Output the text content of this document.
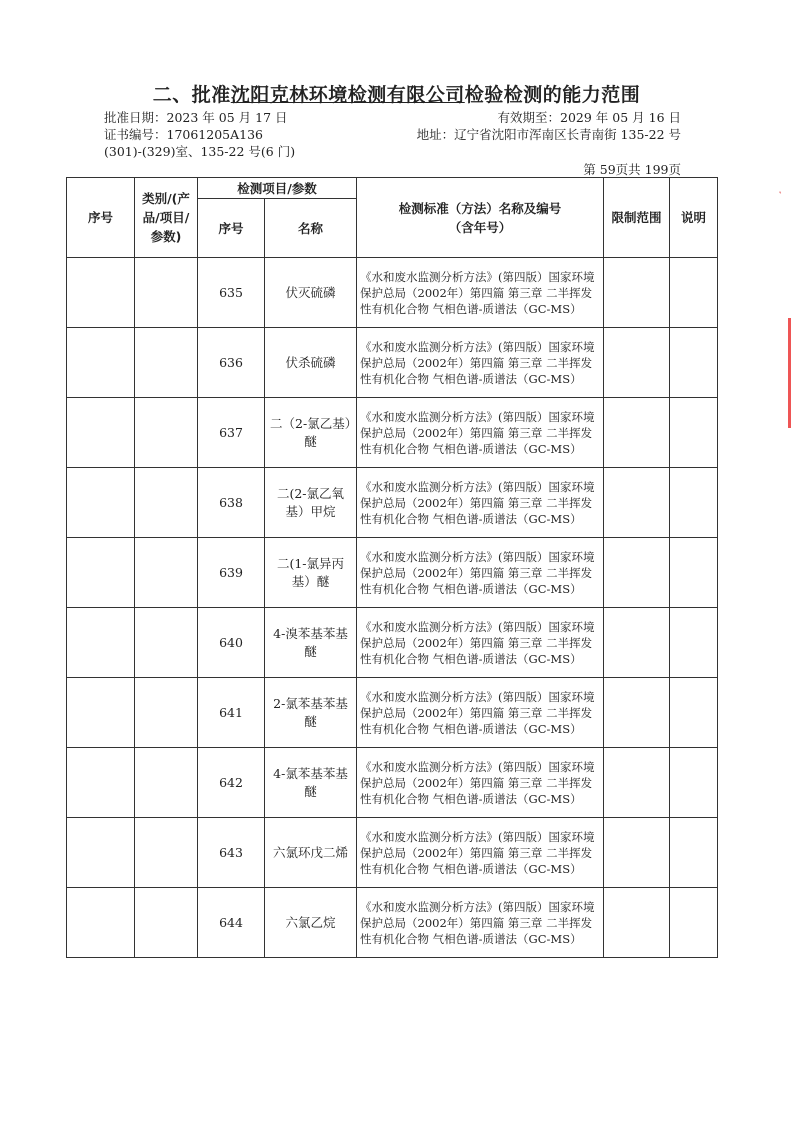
二、批准沈阳克林环境检测有限公司检验检测的能力范围
批准日期：2023 年 05 月 17 日	有效期至：2029 年 05 月 16 日
证书编号：17061205A136	地址：辽宁省沈阳市浑南区长青南街 135-22 号
(301)-(329)室、135-22 号(6 门)
第 59页共 199页
序号	类别/(产品/项目/参数)	检测项目/参数		检测标准（方法）名称及编号（含年号）	限制范围	说明
		序号	名称			
		635	伏灭硫磷	《水和废水监测分析方法》(第四版）国家环境保护总局（2002年）第四篇 第三章 二半挥发性有机化合物 气相色谱-质谱法（GC-MS）		
		636	伏杀硫磷	《水和废水监测分析方法》(第四版）国家环境保护总局（2002年）第四篇 第三章 二半挥发性有机化合物 气相色谱-质谱法（GC-MS）		
		637	二（2-氯乙基）醚	《水和废水监测分析方法》(第四版）国家环境保护总局（2002年）第四篇 第三章 二半挥发性有机化合物 气相色谱-质谱法（GC-MS）		
		638	二(2-氯乙氧基）甲烷	《水和废水监测分析方法》(第四版）国家环境保护总局（2002年）第四篇 第三章 二半挥发性有机化合物 气相色谱-质谱法（GC-MS）		
		639	二(1-氯异丙基）醚	《水和废水监测分析方法》(第四版）国家环境保护总局（2002年）第四篇 第三章 二半挥发性有机化合物 气相色谱-质谱法（GC-MS）		
		640	4-溴苯基苯基醚	《水和废水监测分析方法》(第四版）国家环境保护总局（2002年）第四篇 第三章 二半挥发性有机化合物 气相色谱-质谱法（GC-MS）		
		641	2-氯苯基苯基醚	《水和废水监测分析方法》(第四版）国家环境保护总局（2002年）第四篇 第三章 二半挥发性有机化合物 气相色谱-质谱法（GC-MS）		
		642	4-氯苯基苯基醚	《水和废水监测分析方法》(第四版）国家环境保护总局（2002年）第四篇 第三章 二半挥发性有机化合物 气相色谱-质谱法（GC-MS）		
		643	六氯环戊二烯	《水和废水监测分析方法》(第四版）国家环境保护总局（2002年）第四篇 第三章 二半挥发性有机化合物 气相色谱-质谱法（GC-MS）		
		644	六氯乙烷	《水和废水监测分析方法》(第四版）国家环境保护总局（2002年）第四篇 第三章 二半挥发性有机化合物 气相色谱-质谱法（GC-MS）		
ͺ
